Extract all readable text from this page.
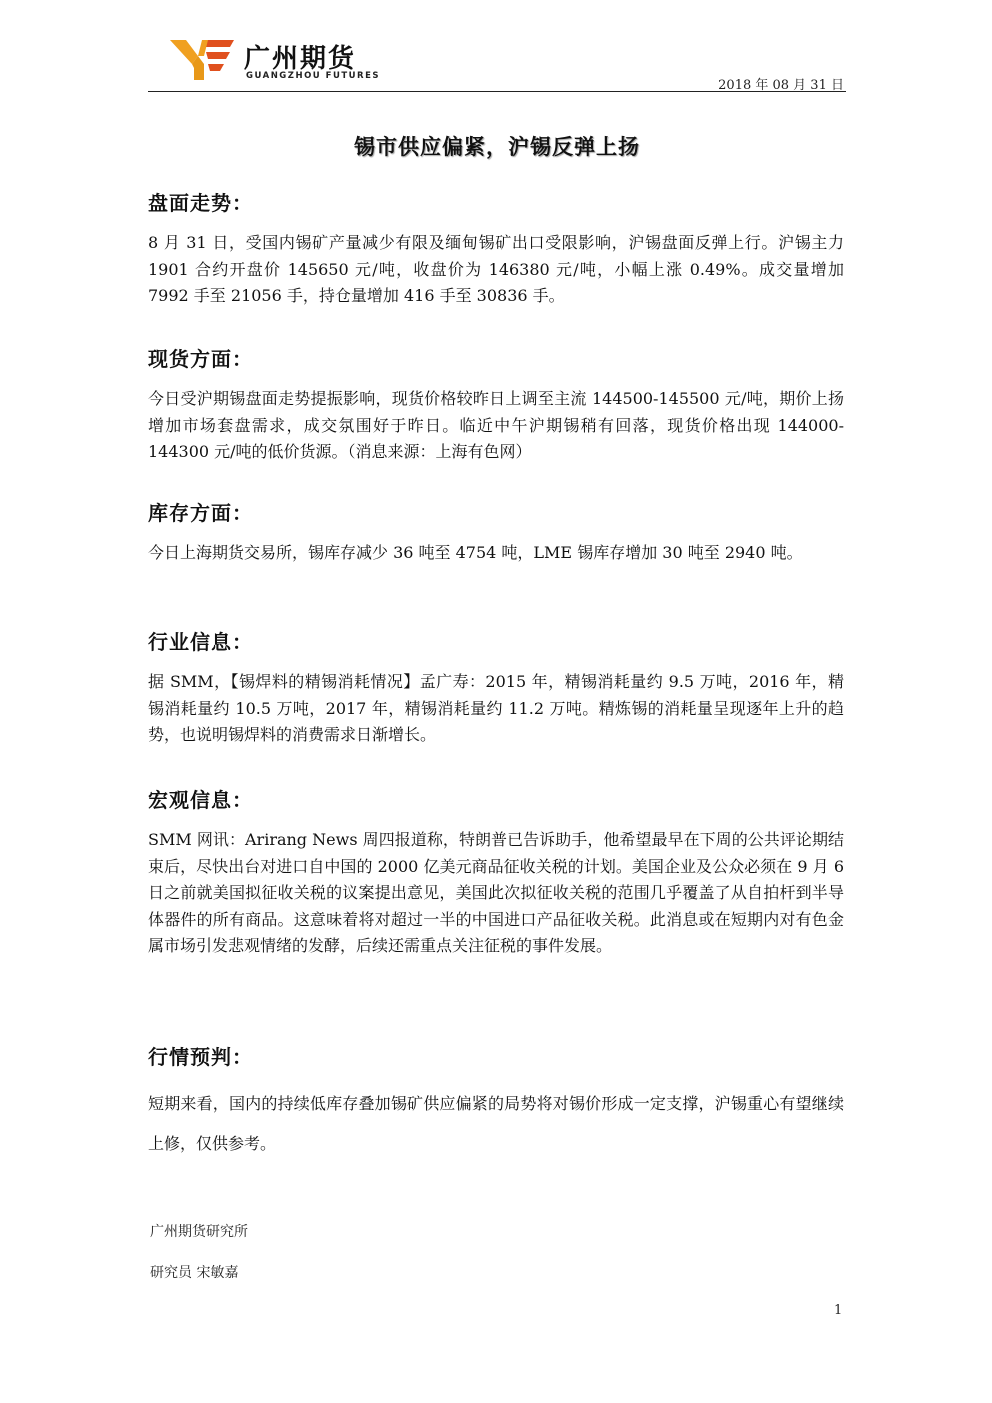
广州期货
GUANGZHOU FUTURES
2018 年 08 月 31 日
锡市供应偏紧，沪锡反弹上扬
盘面走势：

8 月 31 日，受国内锡矿产量减少有限及缅甸锡矿出口受限影响，沪锡盘面反弹上行。沪锡主力 1901 合约开盘价 145650 元/吨，收盘价为 146380 元/吨，小幅上涨 0.49%。成交量增加 7992 手至 21056 手，持仓量增加 416 手至 30836 手。

现货方面：

今日受沪期锡盘面走势提振影响，现货价格较昨日上调至主流 144500-145500 元/吨，期价上扬增加市场套盘需求，成交氛围好于昨日。临近中午沪期锡稍有回落，现货价格出现 144000-144300 元/吨的低价货源。（消息来源：上海有色网）

库存方面：

今日上海期货交易所，锡库存减少 36 吨至 4754 吨，LME 锡库存增加 30 吨至 2940 吨。

行业信息：

据 SMM，【锡焊料的精锡消耗情况】孟广寿：2015 年，精锡消耗量约 9.5 万吨，2016 年，精锡消耗量约 10.5 万吨，2017 年，精锡消耗量约 11.2 万吨。精炼锡的消耗量呈现逐年上升的趋势，也说明锡焊料的消费需求日渐增长。

宏观信息：

SMM 网讯：Arirang News 周四报道称，特朗普已告诉助手，他希望最早在下周的公共评论期结束后，尽快出台对进口自中国的 2000 亿美元商品征收关税的计划。美国企业及公众必须在 9 月 6 日之前就美国拟征收关税的议案提出意见，美国此次拟征收关税的范围几乎覆盖了从自拍杆到半导体器件的所有商品。这意味着将对超过一半的中国进口产品征收关税。此消息或在短期内对有色金属市场引发悲观情绪的发酵，后续还需重点关注征税的事件发展。

行情预判：

短期来看，国内的持续低库存叠加锡矿供应偏紧的局势将对锡价形成一定支撑，沪锡重心有望继续上修，仅供参考。

广州期货研究所
研究员 宋敏嘉
1
